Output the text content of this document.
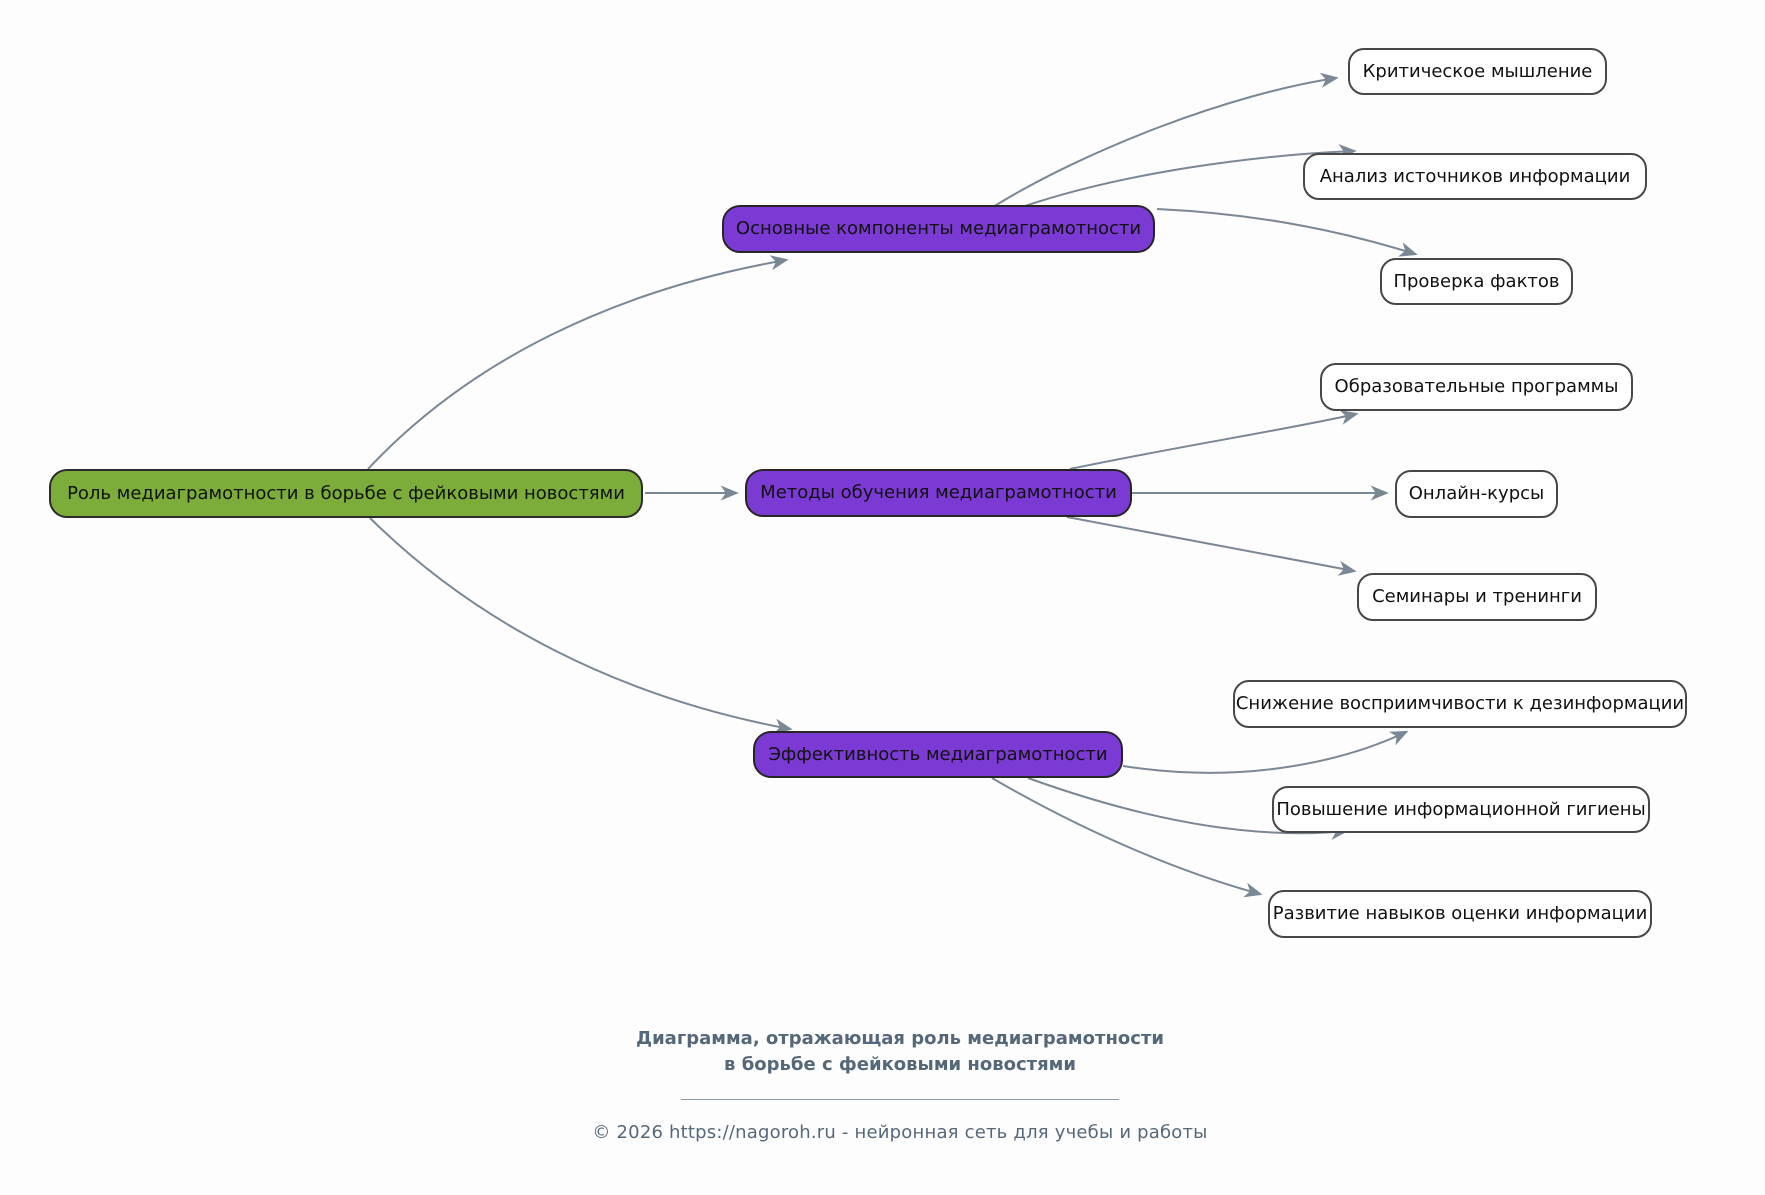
Роль медиаграмотности в борьбе с фейковыми новостями
Основные компоненты медиаграмотности
Методы обучения медиаграмотности
Эффективность медиаграмотности
Критическое мышление
Анализ источников информации
Проверка фактов
Образовательные программы
Онлайн-курсы
Семинары и тренинги
Снижение восприимчивости к дезинформации
Повышение информационной гигиены
Развитие навыков оценки информации
Диаграмма, отражающая роль медиаграмотности в борьбе с фейковыми новостями
© 2026 https://nagoroh.ru - нейронная сеть для учебы и работы
